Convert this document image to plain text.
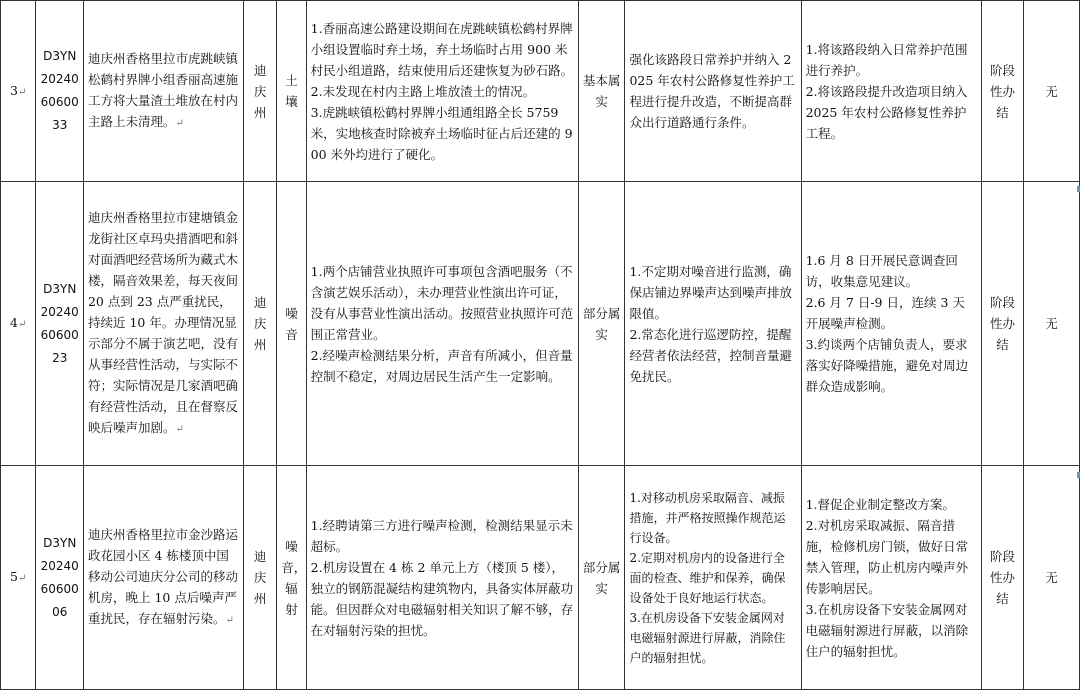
3↵	D3YN 20240 60600 33	迪庆州香格里拉市虎跳峡镇松鹤村界牌小组香丽高速施工方将大量渣土堆放在村内主路上未清理。↵	迪庆州	土壤	1.香丽高速公路建设期间在虎跳峡镇松鹤村界牌小组设置临时弃土场，弃土场临时占用 900 米村民小组道路，结束使用后还建恢复为砂石路。
2.未发现在村内主路上堆放渣土的情况。
3.虎跳峡镇松鹤村界牌小组通组路全长 5759 米，实地核查时除被弃土场临时征占后还建的 900 米外均进行了硬化。	基本属实	强化该路段日常养护并纳入 2025 年农村公路修复性养护工程进行提升改造，不断提高群众出行道路通行条件。	1.将该路段纳入日常养护范围进行养护。
2.将该路段提升改造项目纳入 2025 年农村公路修复性养护工程。	阶段性办结	无
4↵	D3YN 20240 60600 23	迪庆州香格里拉市建塘镇金龙街社区卓玛央措酒吧和斜对面酒吧经营场所为藏式木楼，隔音效果差，每天夜间 20 点到 23 点严重扰民，持续近 10 年。办理情况显示部分不属于演艺吧，没有从事经营性活动，与实际不符；实际情况是几家酒吧确有经营性活动，且在督察反映后噪声加剧。↵	迪庆州	噪音	1.两个店铺营业执照许可事项包含酒吧服务（不含演艺娱乐活动），未办理营业性演出许可证，没有从事营业性演出活动。按照营业执照许可范围正常营业。
2.经噪声检测结果分析，声音有所减小，但音量控制不稳定，对周边居民生活产生一定影响。	部分属实	1.不定期对噪音进行监测，确保店铺边界噪声达到噪声排放限值。
2.常态化进行巡逻防控，提醒经营者依法经营，控制音量避免扰民。	1.6 月 8 日开展民意调查回访，收集意见建议。
2.6 月 7 日-9 日，连续 3 天开展噪声检测。
3.约谈两个店铺负责人，要求落实好降噪措施，避免对周边群众造成影响。	阶段性办结	无
5↵	D3YN 20240 60600 06	迪庆州香格里拉市金沙路运政花园小区 4 栋楼顶中国移动公司迪庆分公司的移动机房，晚上 10 点后噪声严重扰民，存在辐射污染。↵	迪庆州	噪音，辐射	1.经聘请第三方进行噪声检测，检测结果显示未超标。
2.机房设置在 4 栋 2 单元上方（楼顶 5 楼），独立的钢筋混凝结构建筑物内，具备实体屏蔽功能。但因群众对电磁辐射相关知识了解不够，存在对辐射污染的担忧。	部分属实	1.对移动机房采取隔音、减振措施，并严格按照操作规范运行设备。
2.定期对机房内的设备进行全面的检查、维护和保养，确保设备处于良好地运行状态。
3.在机房设备下安装金属网对电磁辐射源进行屏蔽，消除住户的辐射担忧。	1.督促企业制定整改方案。
2.对机房采取减振、隔音措施，检修机房门锁，做好日常禁入管理，防止机房内噪声外传影响居民。
3.在机房设备下安装金属网对电磁辐射源进行屏蔽，以消除住户的辐射担忧。	阶段性办结	无
